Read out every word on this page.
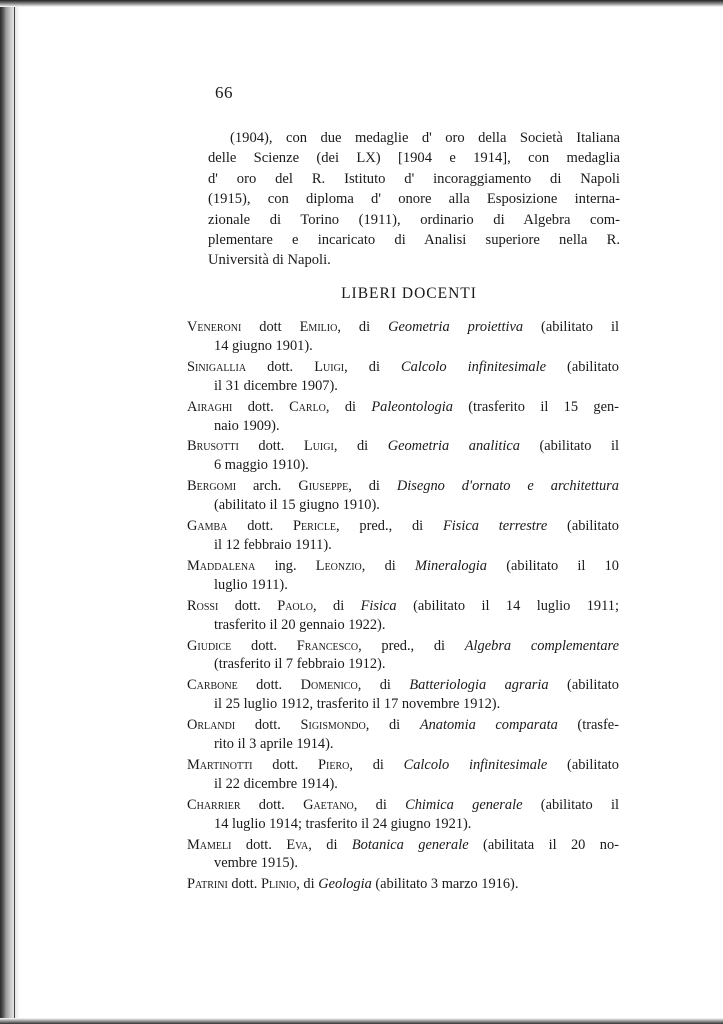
66
(1904), con due medaglie d' oro della Società Italiana
delle Scienze (dei LX) [1904 e 1914], con medaglia
d' oro del R. Istituto d' incoraggiamento di Napoli
(1915), con diploma d' onore alla Esposizione interna-
zionale di Torino (1911), ordinario di Algebra com-
plementare e incaricato di Analisi superiore nella R.
Università di Napoli.
LIBERI DOCENTI
Veneroni dott Emilio, di Geometria proiettiva (abilitato il
14 giugno 1901).
Sinigallia dott. Luigi, di Calcolo infinitesimale (abilitato
il 31 dicembre 1907).
Airaghi dott. Carlo, di Paleontologia (trasferito il 15 gen-
naio 1909).
Brusotti dott. Luigi, di Geometria analitica (abilitato il
6 maggio 1910).
Bergomi arch. Giuseppe, di Disegno d'ornato e architettura
(abilitato il 15 giugno 1910).
Gamba dott. Pericle, pred., di Fisica terrestre (abilitato
il 12 febbraio 1911).
Maddalena ing. Leonzio, di Mineralogia (abilitato il 10
luglio 1911).
Rossi dott. Paolo, di Fisica (abilitato il 14 luglio 1911;
trasferito il 20 gennaio 1922).
Giudice dott. Francesco, pred., di Algebra complementare
(trasferito il 7 febbraio 1912).
Carbone dott. Domenico, di Batteriologia agraria (abilitato
il 25 luglio 1912, trasferito il 17 novembre 1912).
Orlandi dott. Sigismondo, di Anatomia comparata (trasfe-
rito il 3 aprile 1914).
Martinotti dott. Piero, di Calcolo infinitesimale (abilitato
il 22 dicembre 1914).
Charrier dott. Gaetano, di Chimica generale (abilitato il
14 luglio 1914; trasferito il 24 giugno 1921).
Mameli dott. Eva, di Botanica generale (abilitata il 20 no-
vembre 1915).
Patrini dott. Plinio, di Geologia (abilitato 3 marzo 1916).
